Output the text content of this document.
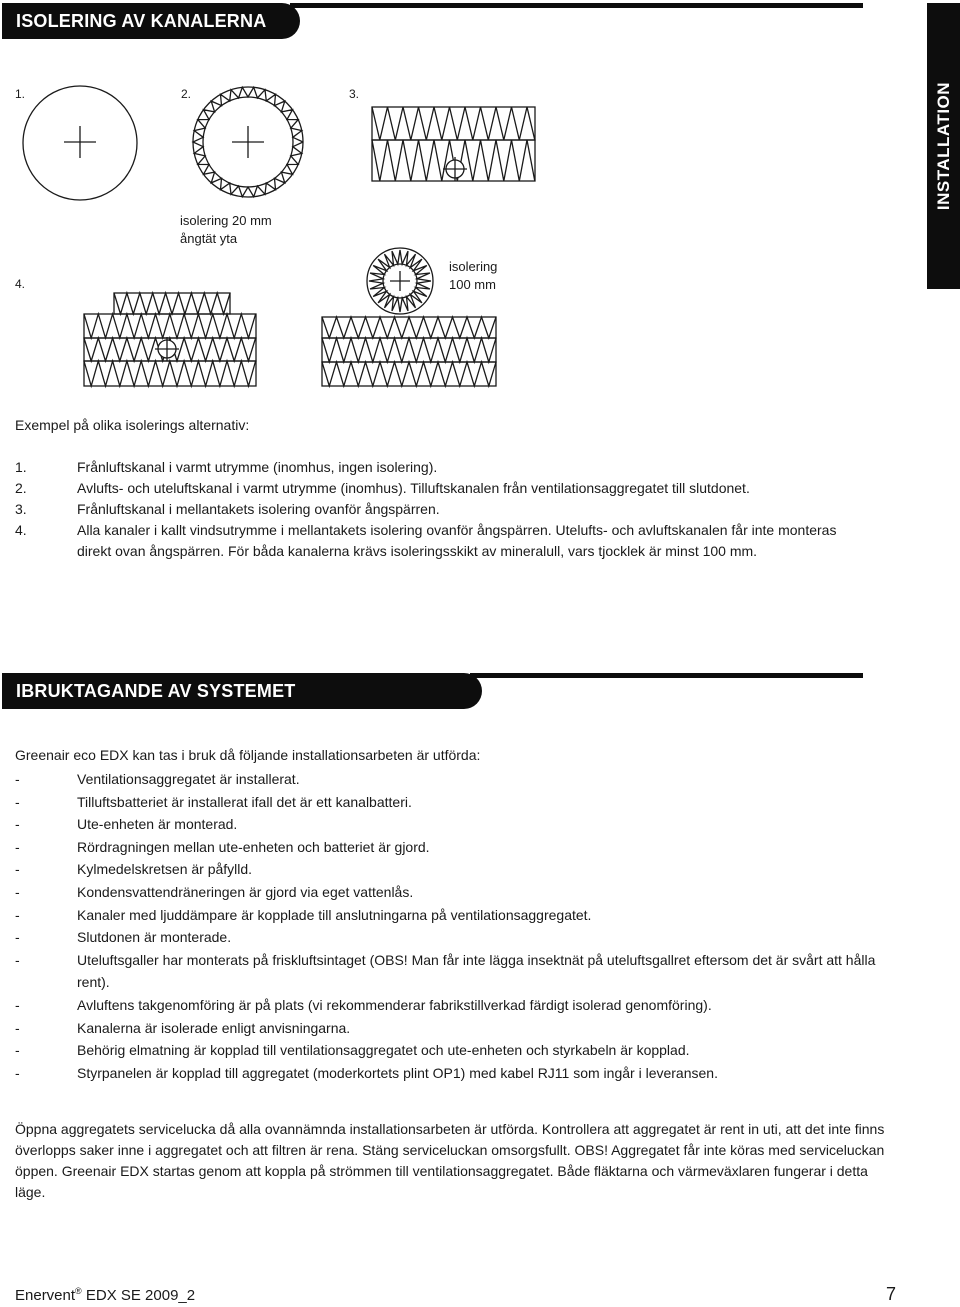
ISOLERING AV KANALERNA
INSTALLATION
1.	2.	3.
4.
isolering 20 mm
ångtät yta
isolering
100 mm
Exempel på olika isolerings alternativ:
1.	Frånluftskanal i varmt utrymme (inomhus, ingen isolering).
2.	Avlufts- och uteluftskanal i varmt utrymme (inomhus). Tilluftskanalen från ventilationsaggregatet till slutdonet.
3.	Frånluftskanal i mellantakets isolering ovanför ångspärren.
4.	Alla kanaler i kallt vindsutrymme i mellantakets isolering ovanför ångspärren. Utelufts- och avluftskanalen får inte monteras direkt ovan ångspärren. För båda kanalerna krävs isoleringsskikt av mineralull, vars tjocklek är minst 100 mm.
IBRUKTAGANDE AV SYSTEMET
Greenair eco EDX kan tas i bruk då följande installationsarbeten är utförda:
-	Ventilationsaggregatet är installerat.
-	Tilluftsbatteriet är installerat ifall det är ett kanalbatteri.
-	Ute-enheten är monterad.
-	Rördragningen mellan ute-enheten och batteriet är gjord.
-	Kylmedelskretsen är påfylld.
-	Kondensvattendräneringen är gjord via eget vattenlås.
-	Kanaler med ljuddämpare är kopplade till anslutningarna på ventilationsaggregatet.
-	Slutdonen är monterade.
-	Uteluftsgaller har monterats på friskluftsintaget (OBS! Man får inte lägga insektnät på uteluftsgallret eftersom det är svårt att hålla rent).
-	Avluftens takgenomföring är på plats (vi rekommenderar fabrikstillverkad färdigt isolerad genomföring).
-	Kanalerna är isolerade enligt anvisningarna.
-	Behörig elmatning är kopplad till ventilationsaggregatet och ute-enheten och styrkabeln är kopplad.
-	Styrpanelen är kopplad till aggregatet (moderkortets plint OP1) med kabel RJ11 som ingår i leveransen.
Öppna aggregatets servicelucka då alla ovannämnda installationsarbeten är utförda. Kontrollera att aggregatet är rent in uti, att det inte finns överlopps saker inne i aggregatet och att filtren är rena. Stäng serviceluckan omsorgsfullt. OBS! Aggregatet får inte köras med serviceluckan öppen. Greenair EDX startas genom att koppla på strömmen till ventilationsaggregatet. Både fläktarna och värmeväxlaren fungerar i detta läge.
Enervent® EDX SE 2009_2	7
